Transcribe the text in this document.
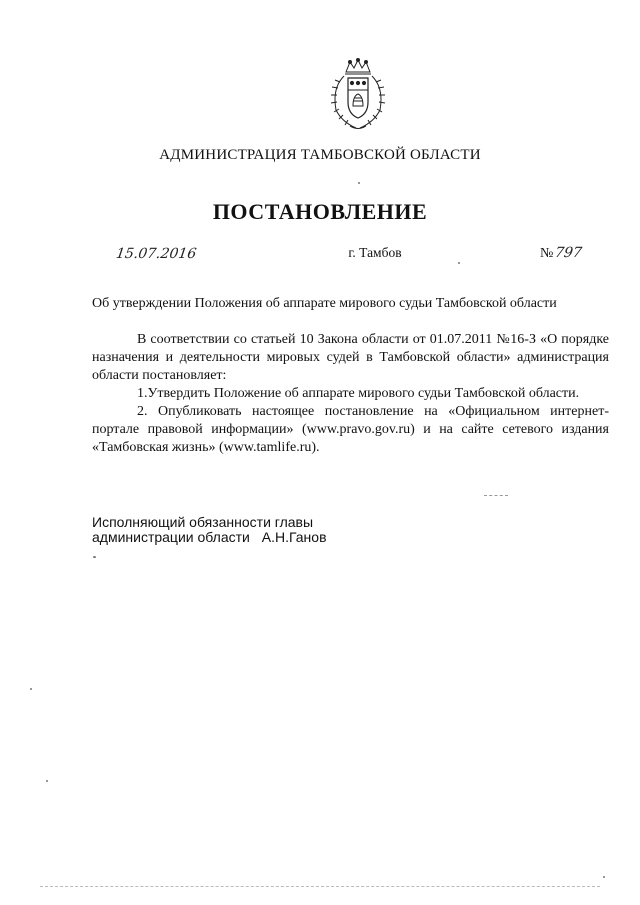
АДМИНИСТРАЦИЯ ТАМБОВСКОЙ ОБЛАСТИ
ПОСТАНОВЛЕНИЕ
15.07.2016	г. Тамбов	№797
Об утверждении Положения об аппарате мирового судьи Тамбовской области

В соответствии со статьей 10 Закона области от 01.07.2011 №16-З «О порядке назначения и деятельности мировых судей в Тамбовской области» администрация области постановляет:

1.Утвердить Положение об аппарате мирового судьи Тамбовской области.

2. Опубликовать настоящее постановление на «Официальном интернет-портале правовой информации» (www.pravo.gov.ru) и на сайте сетевого издания «Тамбовская жизнь» (www.tamlife.ru).

Исполняющий обязанности главы
администрации области А.Н.Ганов
